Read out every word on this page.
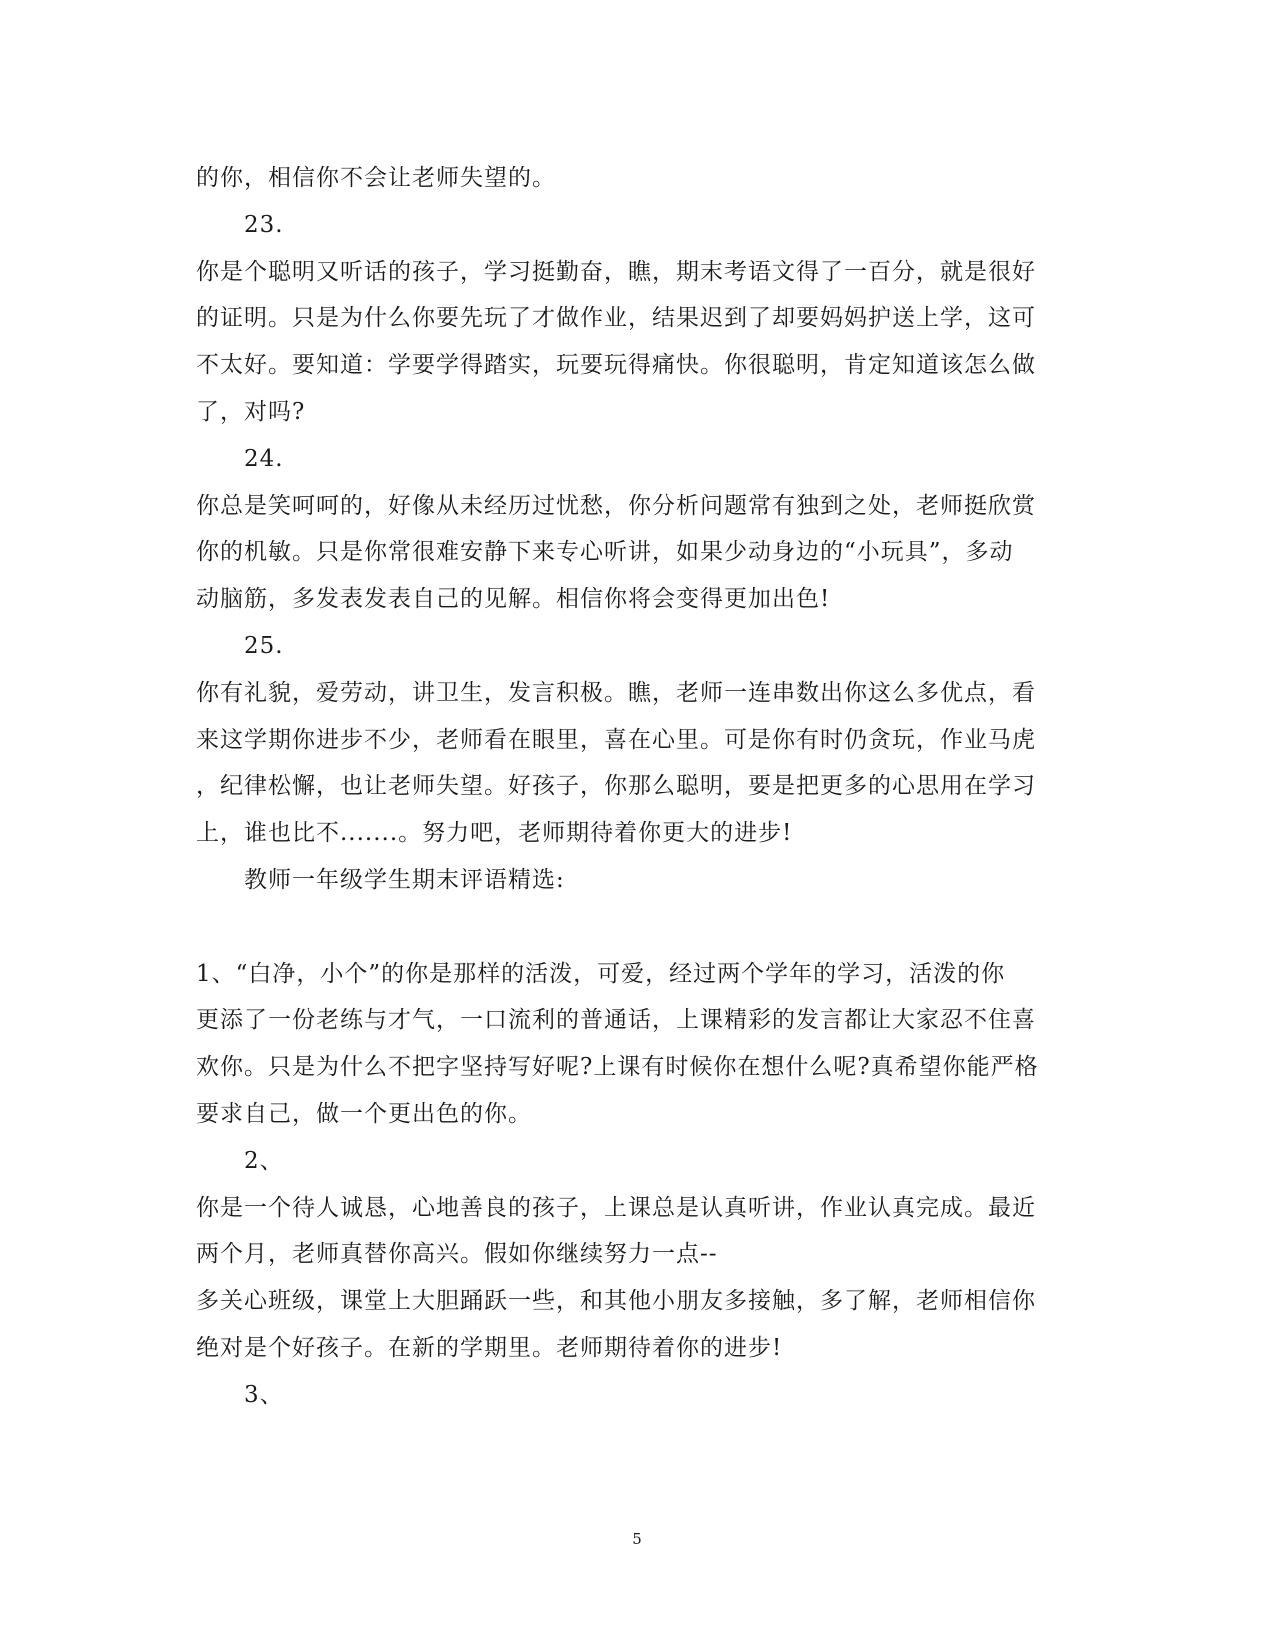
的你，相信你不会让老师失望的。
23.
你是个聪明又听话的孩子，学习挺勤奋，瞧，期末考语文得了一百分，就是很好
的证明。只是为什么你要先玩了才做作业，结果迟到了却要妈妈护送上学，这可
不太好。要知道：学要学得踏实，玩要玩得痛快。你很聪明，肯定知道该怎么做
了，对吗?
24.
你总是笑呵呵的，好像从未经历过忧愁，你分析问题常有独到之处，老师挺欣赏
你的机敏。只是你常很难安静下来专心听讲，如果少动身边的“小玩具”，多动
动脑筋，多发表发表自己的见解。相信你将会变得更加出色!
25.
你有礼貌，爱劳动，讲卫生，发言积极。瞧，老师一连串数出你这么多优点，看
来这学期你进步不少，老师看在眼里，喜在心里。可是你有时仍贪玩，作业马虎
，纪律松懈，也让老师失望。好孩子，你那么聪明，要是把更多的心思用在学习
上，谁也比不.......。努力吧，老师期待着你更大的进步!
教师一年级学生期末评语精选:
1、“白净，小个”的你是那样的活泼，可爱，经过两个学年的学习，活泼的你
更添了一份老练与才气，一口流利的普通话，上课精彩的发言都让大家忍不住喜
欢你。只是为什么不把字坚持写好呢?上课有时候你在想什么呢?真希望你能严格
要求自己，做一个更出色的你。
2、
你是一个待人诚恳，心地善良的孩子，上课总是认真听讲，作业认真完成。最近
两个月，老师真替你高兴。假如你继续努力一点--
多关心班级，课堂上大胆踊跃一些，和其他小朋友多接触，多了解，老师相信你
绝对是个好孩子。在新的学期里。老师期待着你的进步!
3、
5
